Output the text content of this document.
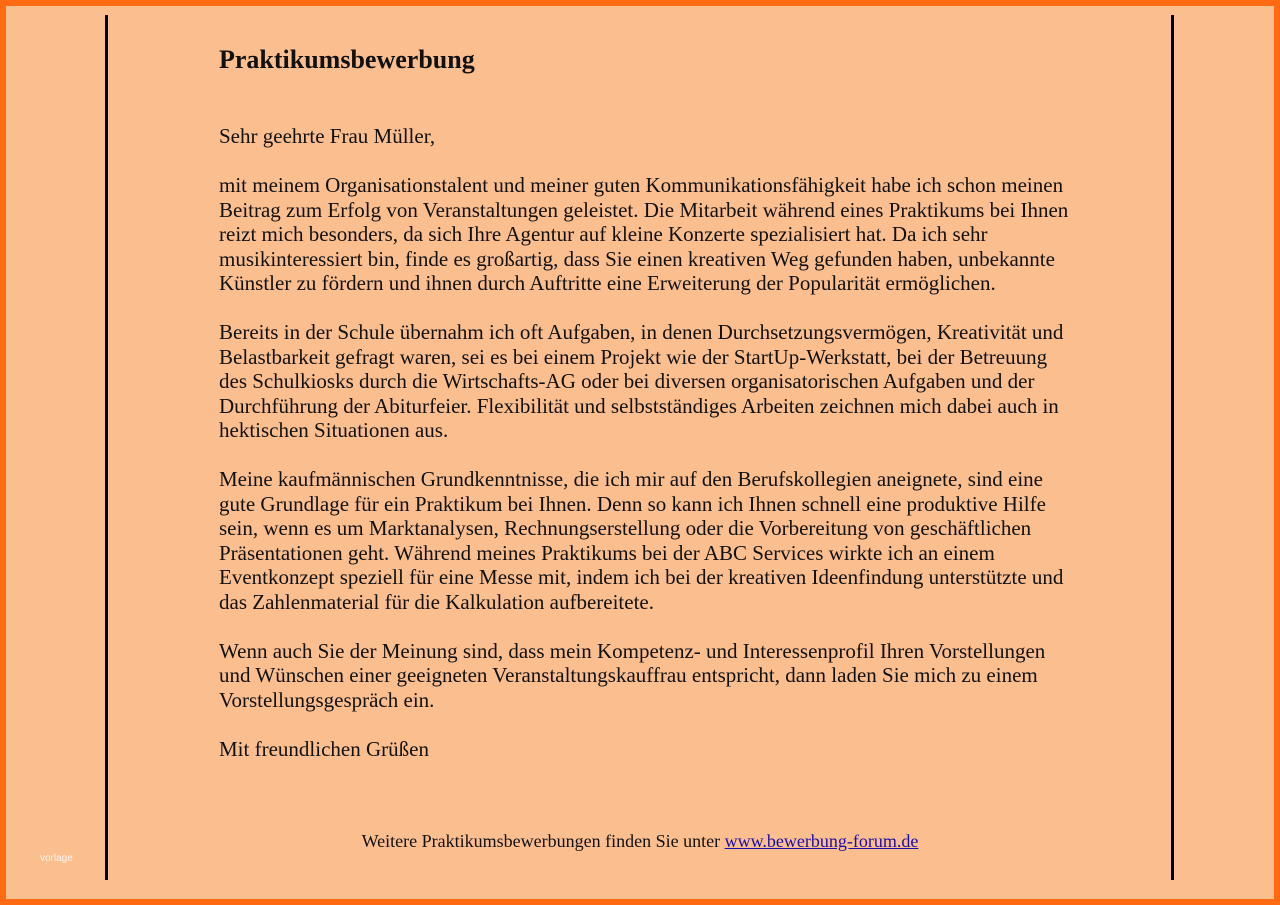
Praktikumsbewerbung

Sehr geehrte Frau Müller,

mit meinem Organisationstalent und meiner guten Kommunikationsfähigkeit habe ich schon meinen Beitrag zum Erfolg von Veranstaltungen geleistet. Die Mitarbeit während eines Praktikums bei Ihnen reizt mich besonders, da sich Ihre Agentur auf kleine Konzerte spezialisiert hat. Da ich sehr musikinteressiert bin, finde es großartig, dass Sie einen kreativen Weg gefunden haben, unbekannte Künstler zu fördern und ihnen durch Auftritte eine Erweiterung der Popularität ermöglichen.

Bereits in der Schule übernahm ich oft Aufgaben, in denen Durchsetzungsvermögen, Kreativität und Belastbarkeit gefragt waren, sei es bei einem Projekt wie der StartUp-Werkstatt, bei der Betreuung des Schulkiosks durch die Wirtschafts-AG oder bei diversen organisatorischen Aufgaben und der Durchführung der Abiturfeier. Flexibilität und selbstständiges Arbeiten zeichnen mich dabei auch in hektischen Situationen aus.

Meine kaufmännischen Grundkenntnisse, die ich mir auf den Berufskollegien aneignete, sind eine gute Grundlage für ein Praktikum bei Ihnen. Denn so kann ich Ihnen schnell eine produktive Hilfe sein, wenn es um Marktanalysen, Rechnungserstellung oder die Vorbereitung von geschäftlichen Präsentationen geht. Während meines Praktikums bei der ABC Services wirkte ich an einem Eventkonzept speziell für eine Messe mit, indem ich bei der kreativen Ideenfindung unterstützte und das Zahlenmaterial für die Kalkulation aufbereitete.

Wenn auch Sie der Meinung sind, dass mein Kompetenz- und Interessenprofil Ihren Vorstellungen und Wünschen einer geeigneten Veranstaltungskauffrau entspricht, dann laden Sie mich zu einem Vorstellungsgespräch ein.

Mit freundlichen Grüßen

Weitere Praktikumsbewerbungen finden Sie unter www.bewerbung-forum.de
vorlage
